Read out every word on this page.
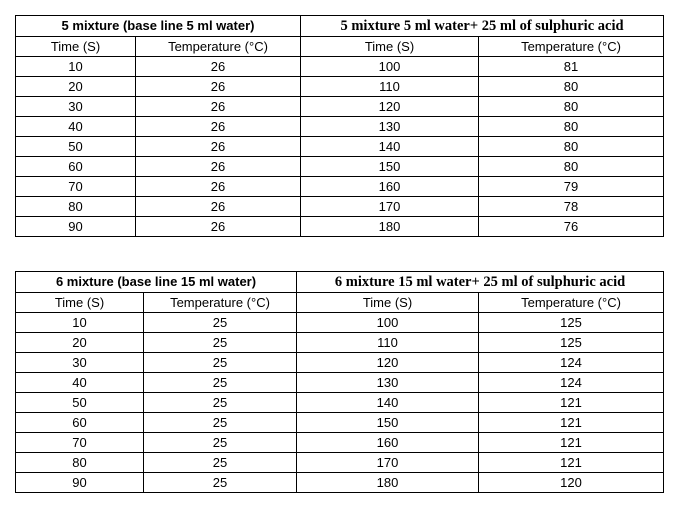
5 mixture (base line 5 ml water)		5 mixture 5 ml water+ 25 ml of sulphuric acid	
Time (S)	Temperature (°C)	Time (S)	Temperature (°C)
10	26	100	81
20	26	110	80
30	26	120	80
40	26	130	80
50	26	140	80
60	26	150	80
70	26	160	79
80	26	170	78
90	26	180	76
6 mixture (base line 15 ml water)		6 mixture 15 ml water+ 25 ml of sulphuric acid	
Time (S)	Temperature (°C)	Time (S)	Temperature (°C)
10	25	100	125
20	25	110	125
30	25	120	124
40	25	130	124
50	25	140	121
60	25	150	121
70	25	160	121
80	25	170	121
90	25	180	120
